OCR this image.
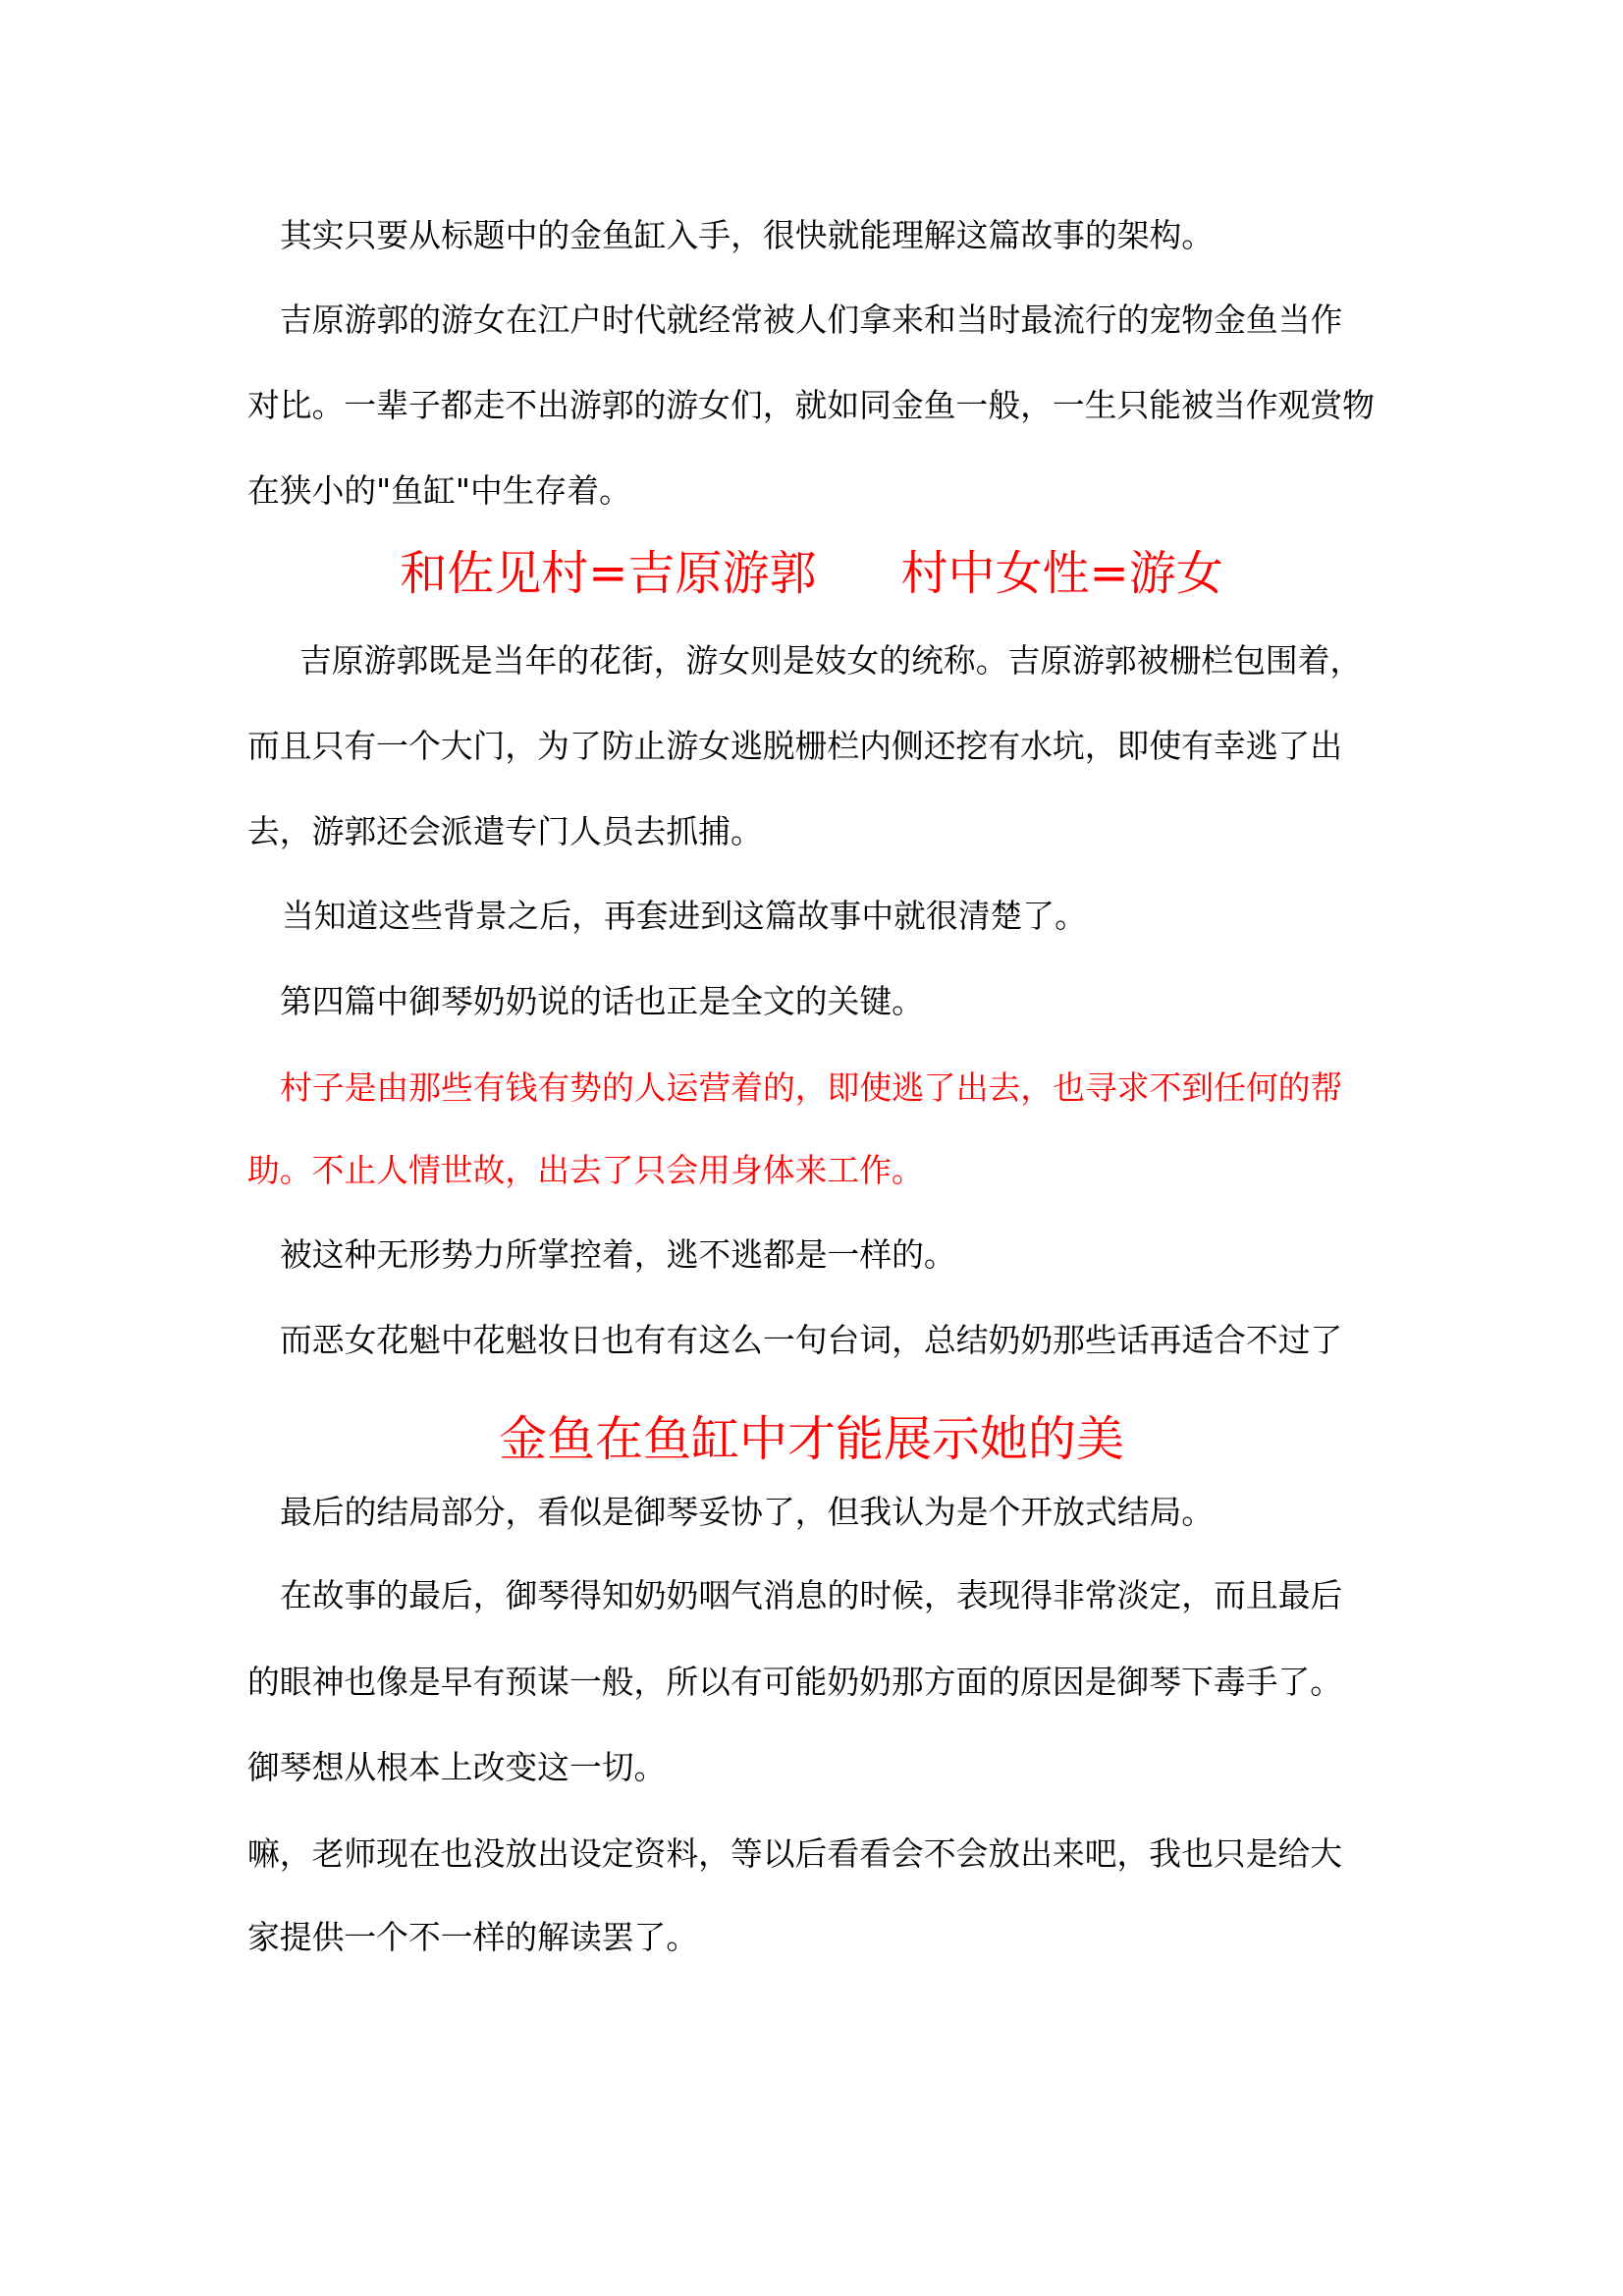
其实只要从标题中的金鱼缸入手，很快就能理解这篇故事的架构。
吉原游郭的游女在江户时代就经常被人们拿来和当时最流行的宠物金鱼当作
对比。一辈子都走不出游郭的游女们，就如同金鱼一般，一生只能被当作观赏物
在狭小的"鱼缸"中生存着。
和佐见村=吉原游郭 村中女性=游女
吉原游郭既是当年的花街，游女则是妓女的统称。吉原游郭被栅栏包围着，
而且只有一个大门，为了防止游女逃脱栅栏内侧还挖有水坑，即使有幸逃了出
去，游郭还会派遣专门人员去抓捕。
当知道这些背景之后，再套进到这篇故事中就很清楚了。
第四篇中御琴奶奶说的话也正是全文的关键。
村子是由那些有钱有势的人运营着的，即使逃了出去，也寻求不到任何的帮
助。不止人情世故，出去了只会用身体来工作。
被这种无形势力所掌控着，逃不逃都是一样的。
而恶女花魁中花魁妆日也有有这么一句台词，总结奶奶那些话再适合不过了
金鱼在鱼缸中才能展示她的美
最后的结局部分，看似是御琴妥协了，但我认为是个开放式结局。
在故事的最后，御琴得知奶奶咽气消息的时候，表现得非常淡定，而且最后
的眼神也像是早有预谋一般，所以有可能奶奶那方面的原因是御琴下毒手了。
御琴想从根本上改变这一切。
嘛，老师现在也没放出设定资料，等以后看看会不会放出来吧，我也只是给大
家提供一个不一样的解读罢了。
